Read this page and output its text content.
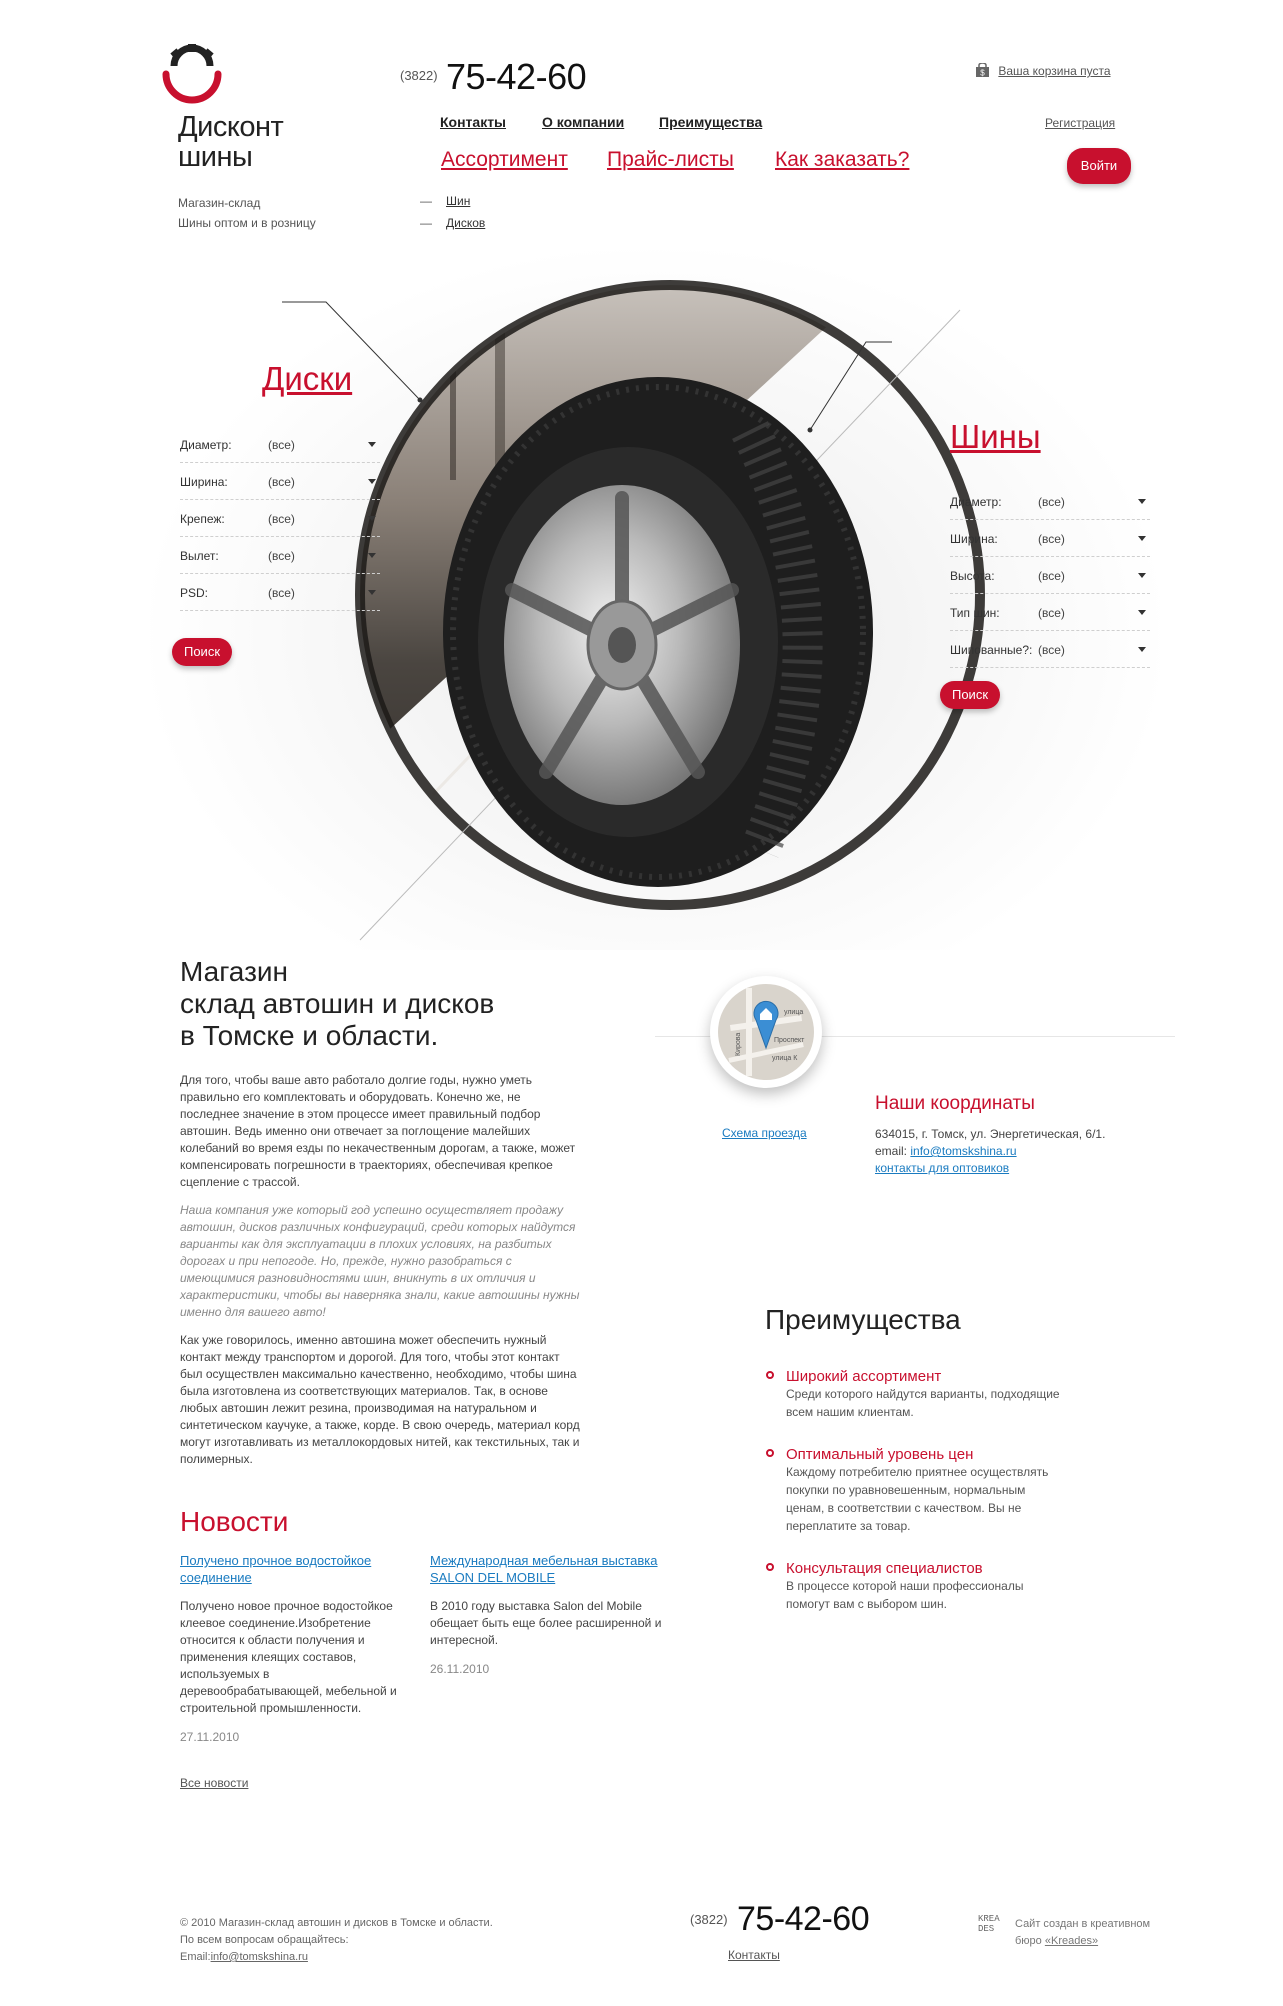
Дисконт
шины
Магазин-склад
Шины оптом и в розницу
(3822) 75-42-60	$ Ваша корзина пуста
Контакты	О компании Преимущества	Регистрация
Ассортимент Прайс-листы Как заказать?	Войти
— Шин
— Дисков
Диски
Диаметр:	(все)
Ширина:	(все)
Крепеж:	(все)
Вылет:	(все)
PSD:	(все)
Поиск
Шины
Диаметр:	(все)
Ширина:	(все)
Высота:	(все)
Тип шин:	(все)
Шипованные?: (все)
Поиск
Магазин
склад автошин и дисков
в Томске и области.

Для того, чтобы ваше авто работало долгие годы, нужно уметь правильно его комплектовать и оборудовать. Конечно же, не последнее значение в этом процессе имеет правильный подбор автошин. Ведь именно они отвечает за поглощение малейших колебаний во время езды по некачественным дорогам, а также, может компенсировать погрешности в траекториях, обеспечивая крепкое сцепление с трассой.

Наша компания уже который год успешно осуществляет продажу автошин, дисков различных конфигураций, среди которых найдутся варианты как для эксплуатации в плохих условиях, на разбитых дорогах и при непогоде. Но, прежде, нужно разобраться с имеющимися разновидностями шин, вникнуть в их отличия и характеристики, чтобы вы наверняка знали, какие автошины нужны именно для вашего авто!

Как уже говорилось, именно автошина может обеспечить нужный контакт между транспортом и дорогой. Для того, чтобы этот контакт был осуществлен максимально качественно, необходимо, чтобы шина была изготовлена из соответствующих материалов. Так, в основе любых автошин лежит резина, производимая на натуральном и синтетическом каучуке, а также, корде. В свою очередь, материал корд могут изготавливать из металлокордовых нитей, как текстильных, так и полимерных.

улица
Проспект
улица К
Кирова
Схема проезда
Наши координаты
634015, г. Томск, ул. Энергетическая, 6/1.
email: info@tomskshina.ru
контакты для оптовиков
Преимущества
Широкий ассортимент
Среди которого найдутся варианты, подходящие всем нашим клиентам.
Оптимальный уровень цен
Каждому потребителю приятнее осуществлять покупки по уравновешенным, нормальным ценам, в соответствии с качеством. Вы не переплатите за товар.
Консультация специалистов
В процессе которой наши профессионалы помогут вам с выбором шин.
Новости
Получено прочное водостойкое соединение
Получено новое прочное водостойкое клеевое соединение.Изобретение относится к области получения и применения клеящих составов, используемых в деревообрабатывающей, мебельной и строительной промышленности.
27.11.2010
Международная мебельная выставка SALON DEL MOBILE
В 2010 году выставка Salon del Mobile обещает быть еще более расширенной и интересной.
26.11.2010
Все новости
© 2010 Магазин-склад автошин и дисков в Томске и области.
По всем вопросам обращайтесь:
Email:info@tomskshina.ru
(3822) 75-42-60
Контакты
KREADES	Сайт создан в креативном
бюро «Kreades»
